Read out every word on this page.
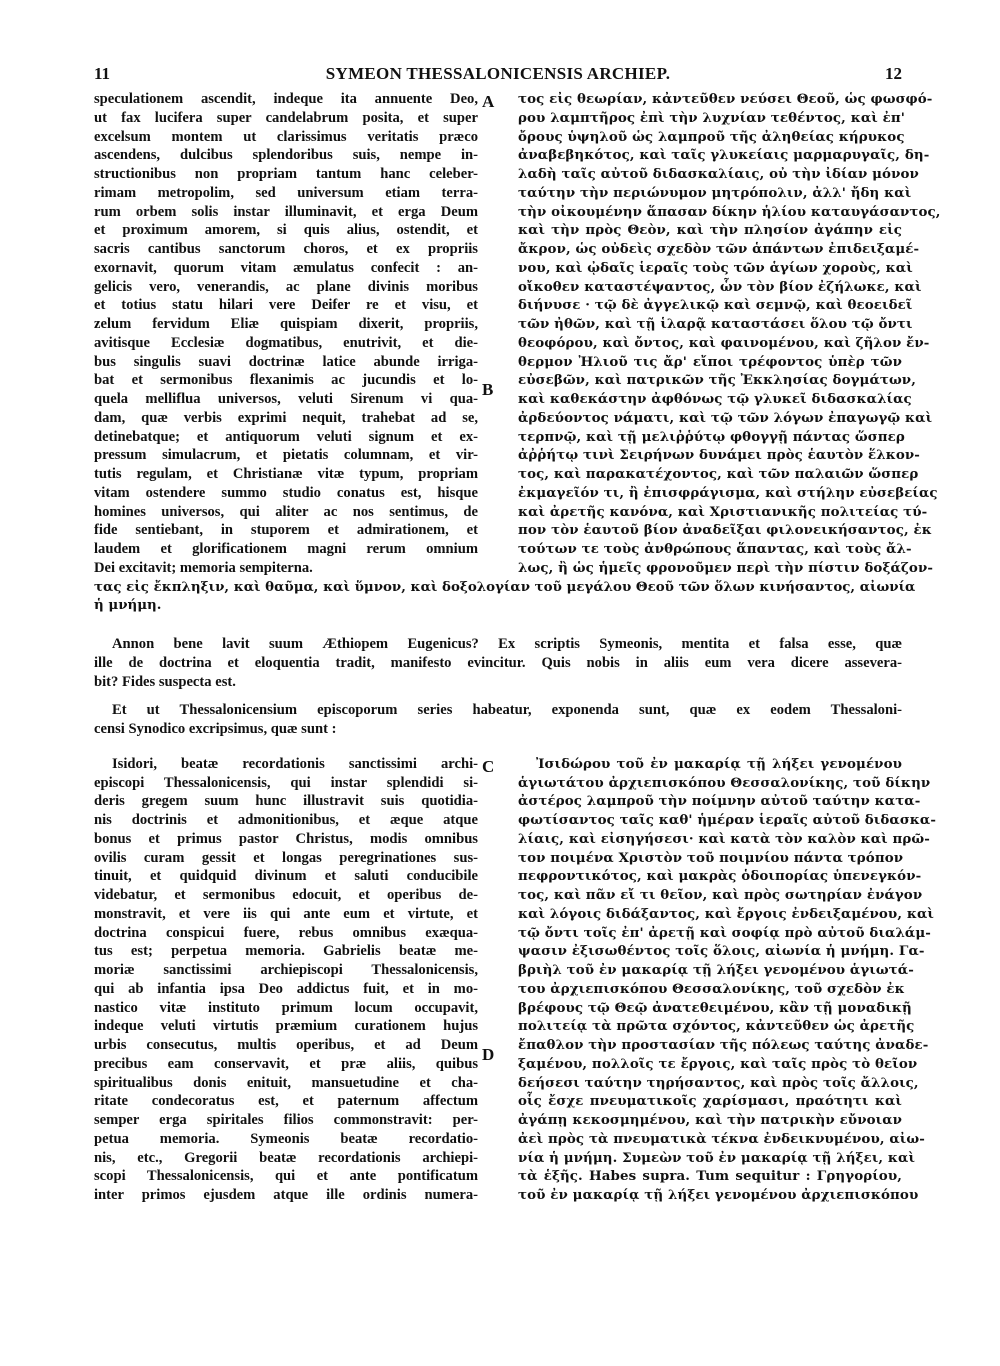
11	SYMEON THESSALONICENSIS ARCHIEP.	12
speculationem ascendit, indeque ita annuente Deo,
ut fax lucifera super candelabrum posita, et super
excelsum montem ut clarissimus veritatis præco
ascendens, dulcibus splendoribus suis, nempe in-
structionibus non propriam tantum hanc celeber-
rimam metropolim, sed universum etiam terra-
rum orbem solis instar illuminavit, et erga Deum
et proximum amorem, si quis alius, ostendit, et
sacris cantibus sanctorum choros, et ex propriis
exornavit, quorum vitam æmulatus confecit : an-
gelicis vero, venerandis, ac plane divinis moribus
et totius statu hilari vere Deifer re et visu, et
zelum fervidum Eliæ quispiam dixerit, propriis,
avitisque Ecclesiæ dogmatibus, enutrivit, et die-
bus singulis suavi doctrinæ latice abunde irriga-
bat et sermonibus flexanimis ac jucundis et lo-
quela melliflua universos, veluti Sirenum vi qua-
dam, quæ verbis exprimi nequit, trahebat ad se,
detinebatque; et antiquorum veluti signum et ex-
pressum simulacrum, et pietatis columnam, et vir-
tutis regulam, et Christianæ vitæ typum, propriam
vitam ostendere summo studio conatus est, hisque
homines universos, qui aliter ac nos sentimus, de
fide sentiebant, in stuporem et admirationem, et
laudem et glorificationem magni rerum omnium
Dei excitavit; memoria sempiterna.
τος εἰς θεωρίαν, κἀντεῦθεν νεύσει Θεοῦ, ὡς φωσφό-
ρου λαμπτῆρος ἐπὶ τὴν λυχνίαν τεθέντος, καὶ ἐπ'
ὄρους ὑψηλοῦ ὡς λαμπροῦ τῆς ἀληθείας κήρυκος
ἀναβεβηκότος, καὶ ταῖς γλυκείαις μαρμαρυγαῖς, δη-
λαδὴ ταῖς αὐτοῦ διδασκαλίαις, οὐ τὴν ἰδίαν μόνον
ταύτην τὴν περιώνυμον μητρόπολιν, ἀλλ' ἤδη καὶ
τὴν οἰκουμένην ἅπασαν δίκην ἡλίου καταυγάσαντος,
καὶ τὴν πρὸς Θεὸν, καὶ τὴν πλησίον ἀγάπην εἰς
ἄκρον, ὡς οὐδεὶς σχεδὸν τῶν ἁπάντων ἐπιδειξαμέ-
νου, καὶ ᾠδαῖς ἱεραῖς τοὺς τῶν ἁγίων χοροὺς, καὶ
οἴκοθεν καταστέψαντος, ὧν τὸν βίον ἐζήλωκε, καὶ
διήνυσε · τῷ δὲ ἀγγελικῷ καὶ σεμνῷ, καὶ θεοειδεῖ
τῶν ἠθῶν, καὶ τῇ ἱλαρᾷ καταστάσει ὅλου τῷ ὄντι
θεοφόρου, καὶ ὄντος, καὶ φαινομένου, καὶ ζῆλον ἔν-
θερμον Ἠλιοῦ τις ἄρ' εἴποι τρέφοντος ὑπὲρ τῶν
εὐσεβῶν, καὶ πατρικῶν τῆς Ἐκκλησίας δογμάτων,
καὶ καθεκάστην ἀφθόνως τῷ γλυκεῖ διδασκαλίας
ἀρδεύοντος νάματι, καὶ τῷ τῶν λόγων ἐπαγωγῷ καὶ
τερπνῷ, καὶ τῇ μελιῤῥύτῳ φθογγῇ πάντας ὥσπερ
ἀῤῥήτῳ τινὶ Σειρήνων δυνάμει πρὸς ἑαυτὸν ἕλκον-
τος, καὶ παρακατέχοντος, καὶ τῶν παλαιῶν ὥσπερ
ἐκμαγεῖόν τι, ἢ ἐπισφράγισμα, καὶ στήλην εὐσεβείας
καὶ ἀρετῆς κανόνα, καὶ Χριστιανικῆς πολιτείας τύ-
πον τὸν ἑαυτοῦ βίον ἀναδεῖξαι φιλονεικήσαντος, ἐκ
τούτων τε τοὺς ἀνθρώπους ἅπαντας, καὶ τοὺς ἄλ-
λως, ἢ ὡς ἡμεῖς φρονοῦμεν περὶ τὴν πίστιν δοξάζον-
A
B
τας εἰς ἔκπληξιν, καὶ θαῦμα, καὶ ὕμνον, καὶ δοξολογίαν τοῦ μεγάλου Θεοῦ τῶν ὅλων κινήσαντος, αἰωνία
ἡ μνήμη.
Annon bene lavit suum Æthiopem Eugenicus? Ex scriptis Symeonis, mentita et falsa esse, quæ
ille de doctrina et eloquentia tradit, manifesto evincitur. Quis nobis in aliis eum vera dicere assevera-
bit? Fides suspecta est.
Et ut Thessalonicensium episcoporum series habeatur, exponenda sunt, quæ ex eodem Thessaloni-
censi Synodico excripsimus, quæ sunt :
Isidori, beatæ recordationis sanctissimi archi-
episcopi Thessalonicensis, qui instar splendidi si-
deris gregem suum hunc illustravit suis quotidia-
nis doctrinis et admonitionibus, et æque atque
bonus et primus pastor Christus, modis omnibus
ovilis curam gessit et longas peregrinationes sus-
tinuit, et quidquid divinum et saluti conducibile
videbatur, et sermonibus edocuit, et operibus de-
monstravit, et vere iis qui ante eum et virtute, et
doctrina conspicui fuere, rebus omnibus exæqua-
tus est; perpetua memoria. Gabrielis beatæ me-
moriæ sanctissimi archiepiscopi Thessalonicensis,
qui ab infantia ipsa Deo addictus fuit, et in mo-
nastico vitæ instituto primum locum occupavit,
indeque veluti virtutis præmium curationem hujus
urbis consecutus, multis operibus, et ad Deum
precibus eam conservavit, et præ aliis, quibus
spiritualibus donis enituit, mansuetudine et cha-
ritate condecoratus est, et paternum affectum
semper erga spiritales filios commonstravit: per-
petua memoria. Symeonis beatæ recordatio-
nis, etc., Gregorii beatæ recordationis archiepi-
scopi Thessalonicensis, qui et ante pontificatum
inter primos ejusdem atque ille ordinis numera-
Ἰσιδώρου τοῦ ἐν μακαρίᾳ τῇ λήξει γενομένου
ἁγιωτάτου ἀρχιεπισκόπου Θεσσαλονίκης, τοῦ δίκην
ἀστέρος λαμπροῦ τὴν ποίμνην αὐτοῦ ταύτην κατα-
φωτίσαντος ταῖς καθ' ἡμέραν ἱεραῖς αὐτοῦ διδασκα-
λίαις, καὶ εἰσηγήσεσι· καὶ κατὰ τὸν καλὸν καὶ πρῶ-
τον ποιμένα Χριστὸν τοῦ ποιμνίου πάντα τρόπον
πεφροντικότος, καὶ μακρὰς ὁδοιπορίας ὑπενεγκόν-
τος, καὶ πᾶν εἴ τι θεῖον, καὶ πρὸς σωτηρίαν ἐνάγον
καὶ λόγοις διδάξαντος, καὶ ἔργοις ἐνδειξαμένου, καὶ
τῷ ὄντι τοῖς ἐπ' ἀρετῇ καὶ σοφίᾳ πρὸ αὐτοῦ διαλάμ-
ψασιν ἐξισωθέντος τοῖς ὅλοις, αἰωνία ἡ μνήμη. Γα-
βριὴλ τοῦ ἐν μακαρίᾳ τῇ λήξει γενομένου ἁγιωτά-
του ἀρχιεπισκόπου Θεσσαλονίκης, τοῦ σχεδὸν ἐκ
βρέφους τῷ Θεῷ ἀνατεθειμένου, κἂν τῇ μοναδικῇ
πολιτείᾳ τὰ πρῶτα σχόντος, κἀντεῦθεν ὡς ἀρετῆς
ἔπαθλον τὴν προστασίαν τῆς πόλεως ταύτης ἀναδε-
ξαμένου, πολλοῖς τε ἔργοις, καὶ ταῖς πρὸς τὸ θεῖον
δεήσεσι ταύτην τηρήσαντος, καὶ πρὸς τοῖς ἄλλοις,
οἷς ἔσχε πνευματικοῖς χαρίσμασι, πραότητι καὶ
ἀγάπῃ κεκοσμημένου, καὶ τὴν πατρικὴν εὔνοιαν
ἀεὶ πρὸς τὰ πνευματικὰ τέκνα ἐνδεικνυμένου, αἰω-
νία ἡ μνήμη. Συμεὼν τοῦ ἐν μακαρίᾳ τῇ λήξει, καὶ
τὰ ἑξῆς. Habes supra. Tum sequitur : Γρηγορίου,
τοῦ ἐν μακαρίᾳ τῇ λήξει γενομένου ἀρχιεπισκόπου
C
D
